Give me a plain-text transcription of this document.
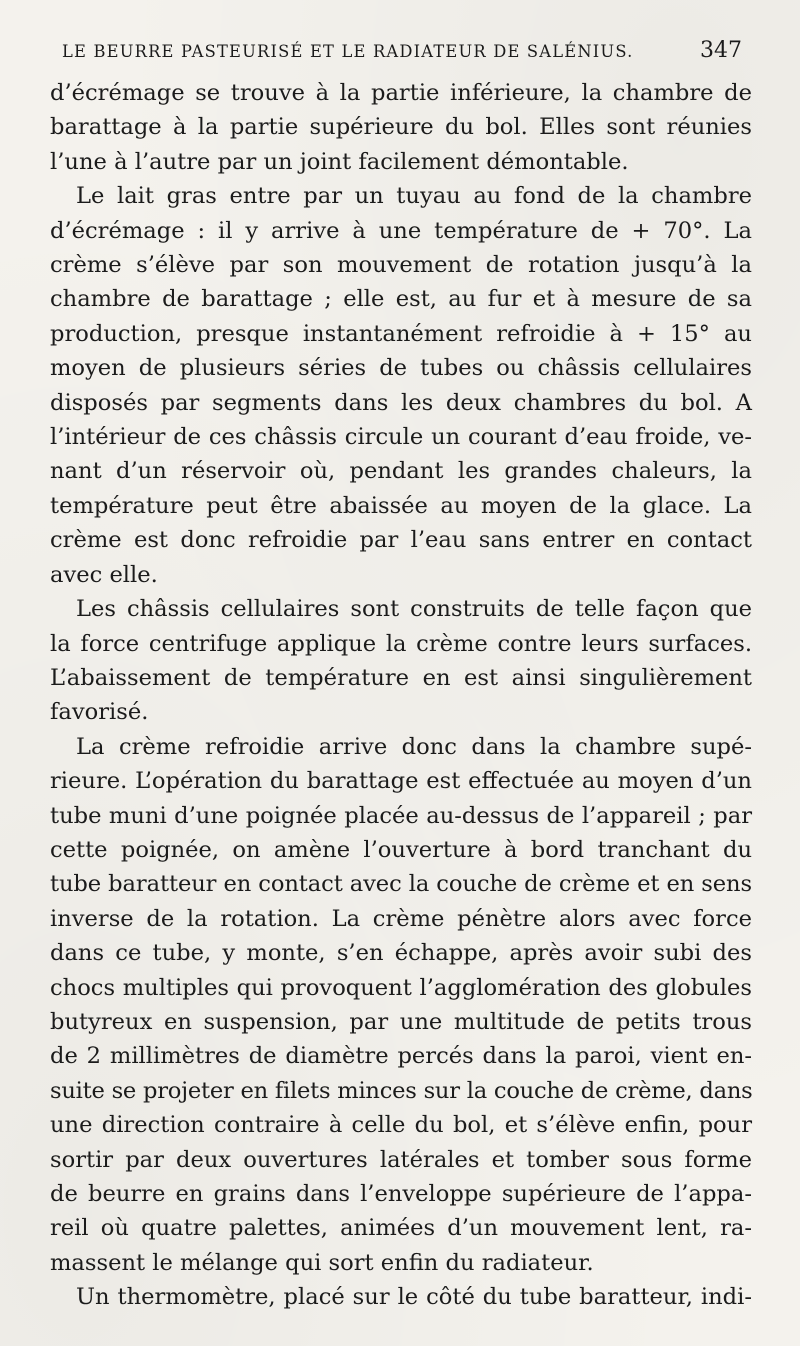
LE BEURRE PASTEURISÉ ET LE RADIATEUR DE SALÉNIUS.	347

d’écrémage se trouve à la partie inférieure, la chambre de
barattage à la partie supérieure du bol. Elles sont réunies
l’une à l’autre par un joint facilement démontable.

Le lait gras entre par un tuyau au fond de la chambre
d’écrémage : il y arrive à une température de + 70°. La
crème s’élève par son mouvement de rotation jusqu’à la
chambre de barattage ; elle est, au fur et à mesure de sa
production, presque instantanément refroidie à + 15° au
moyen de plusieurs séries de tubes ou châssis cellulaires
disposés par segments dans les deux chambres du bol. A
l’intérieur de ces châssis circule un courant d’eau froide, ve-
nant d’un réservoir où, pendant les grandes chaleurs, la
température peut être abaissée au moyen de la glace. La
crème est donc refroidie par l’eau sans entrer en contact
avec elle.

Les châssis cellulaires sont construits de telle façon que
la force centrifuge applique la crème contre leurs surfaces.
L’abaissement de température en est ainsi singulièrement
favorisé.

La crème refroidie arrive donc dans la chambre supé-
rieure. L’opération du barattage est effectuée au moyen d’un
tube muni d’une poignée placée au-dessus de l’appareil ; par
cette poignée, on amène l’ouverture à bord tranchant du
tube baratteur en contact avec la couche de crème et en sens
inverse de la rotation. La crème pénètre alors avec force
dans ce tube, y monte, s’en échappe, après avoir subi des
chocs multiples qui provoquent l’agglomération des globules
butyreux en suspension, par une multitude de petits trous
de 2 millimètres de diamètre percés dans la paroi, vient en-
suite se projeter en filets minces sur la couche de crème, dans
une direction contraire à celle du bol, et s’élève enfin, pour
sortir par deux ouvertures latérales et tomber sous forme
de beurre en grains dans l’enveloppe supérieure de l’appa-
reil où quatre palettes, animées d’un mouvement lent, ra-
massent le mélange qui sort enfin du radiateur.

Un thermomètre, placé sur le côté du tube baratteur, indi-
